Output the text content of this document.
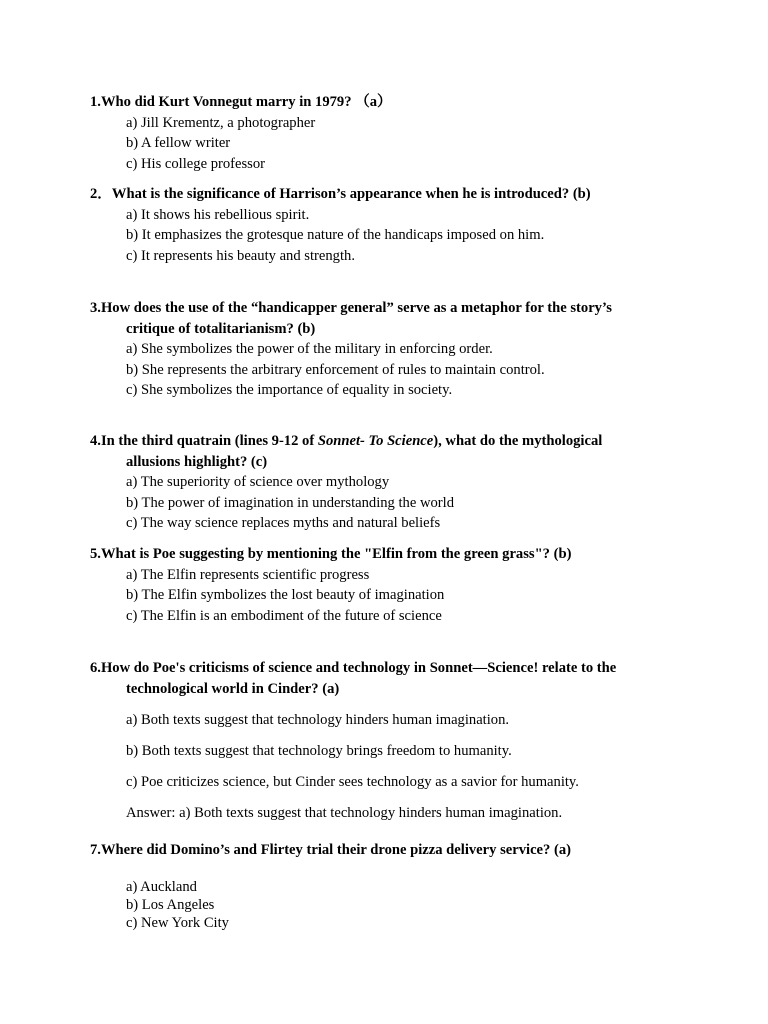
1.Who did Kurt Vonnegut marry in 1979? （a）

a) Jill Krementz, a photographer

b) A fellow writer

c) His college professor

2．What is the significance of Harrison’s appearance when he is introduced? (b)

a) It shows his rebellious spirit.

b) It emphasizes the grotesque nature of the handicaps imposed on him.

c) It represents his beauty and strength.

3.How does the use of the “handicapper general” serve as a metaphor for the story’s critique of totalitarianism? (b)

a) She symbolizes the power of the military in enforcing order.

b) She represents the arbitrary enforcement of rules to maintain control.

c) She symbolizes the importance of equality in society.

4.In the third quatrain (lines 9-12 of Sonnet- To Science), what do the mythological allusions highlight? (c)

a) The superiority of science over mythology

b) The power of imagination in understanding the world

c) The way science replaces myths and natural beliefs

5.What is Poe suggesting by mentioning the "Elfin from the green grass"? (b)

a) The Elfin represents scientific progress

b) The Elfin symbolizes the lost beauty of imagination

c) The Elfin is an embodiment of the future of science

6.How do Poe's criticisms of science and technology in Sonnet—Science! relate to the technological world in Cinder? (a)

a) Both texts suggest that technology hinders human imagination.

b) Both texts suggest that technology brings freedom to humanity.

c) Poe criticizes science, but Cinder sees technology as a savior for humanity.

Answer: a) Both texts suggest that technology hinders human imagination.

7.Where did Domino’s and Flirtey trial their drone pizza delivery service? (a)

a) Auckland

b) Los Angeles

c) New York City
